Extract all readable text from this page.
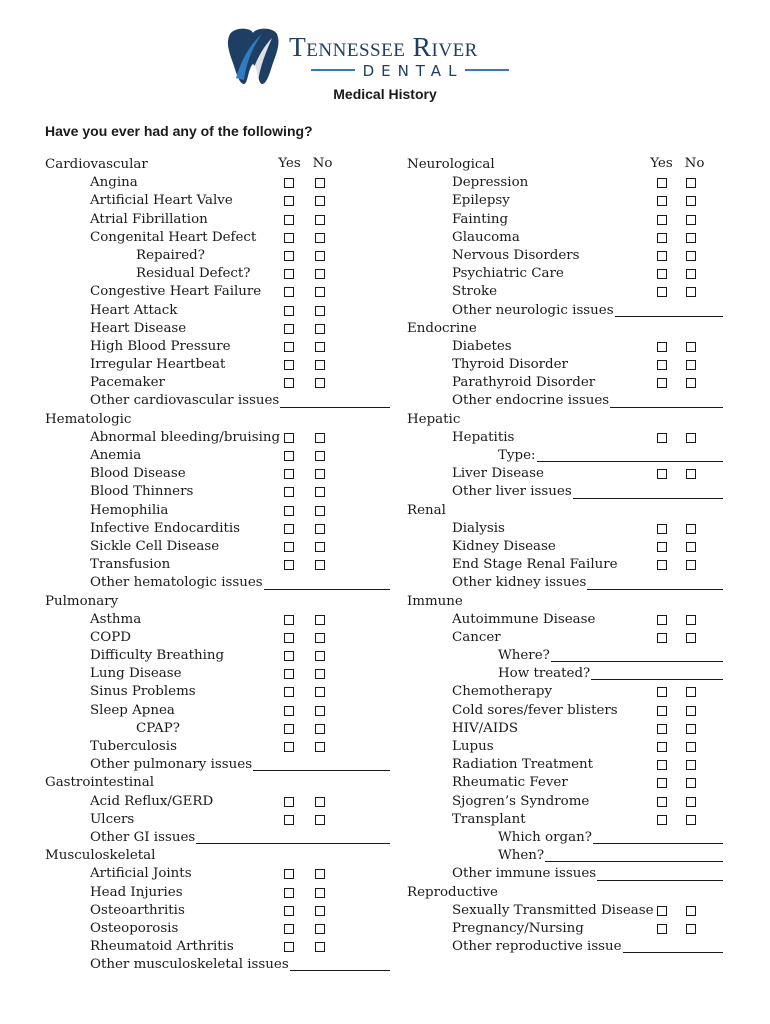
Tennessee River
DENTAL
Medical History
Have you ever had any of the following?
Yes No
Cardiovascular
Angina
Artificial Heart Valve
Atrial Fibrillation
Congenital Heart Defect
Repaired?
Residual Defect?
Congestive Heart Failure
Heart Attack
Heart Disease
High Blood Pressure
Irregular Heartbeat
Pacemaker
Other cardiovascular issues
Hematologic
Abnormal bleeding/bruising
Anemia
Blood Disease
Blood Thinners
Hemophilia
Infective Endocarditis
Sickle Cell Disease
Transfusion
Other hematologic issues
Pulmonary
Asthma
COPD
Difficulty Breathing
Lung Disease
Sinus Problems
Sleep Apnea
CPAP?
Tuberculosis
Other pulmonary issues
Gastrointestinal
Acid Reflux/GERD
Ulcers
Other GI issues
Musculoskeletal
Artificial Joints
Head Injuries
Osteoarthritis
Osteoporosis
Rheumatoid Arthritis
Other musculoskeletal issues
Yes No
Neurological
Depression
Epilepsy
Fainting
Glaucoma
Nervous Disorders
Psychiatric Care
Stroke
Other neurologic issues
Endocrine
Diabetes
Thyroid Disorder
Parathyroid Disorder
Other endocrine issues
Hepatic
Hepatitis
Type:
Liver Disease
Other liver issues
Renal
Dialysis
Kidney Disease
End Stage Renal Failure
Other kidney issues
Immune
Autoimmune Disease
Cancer
Where?
How treated?
Chemotherapy
Cold sores/fever blisters
HIV/AIDS
Lupus
Radiation Treatment
Rheumatic Fever
Sjogren’s Syndrome
Transplant
Which organ?
When?
Other immune issues
Reproductive
Sexually Transmitted Disease
Pregnancy/Nursing
Other reproductive issue
